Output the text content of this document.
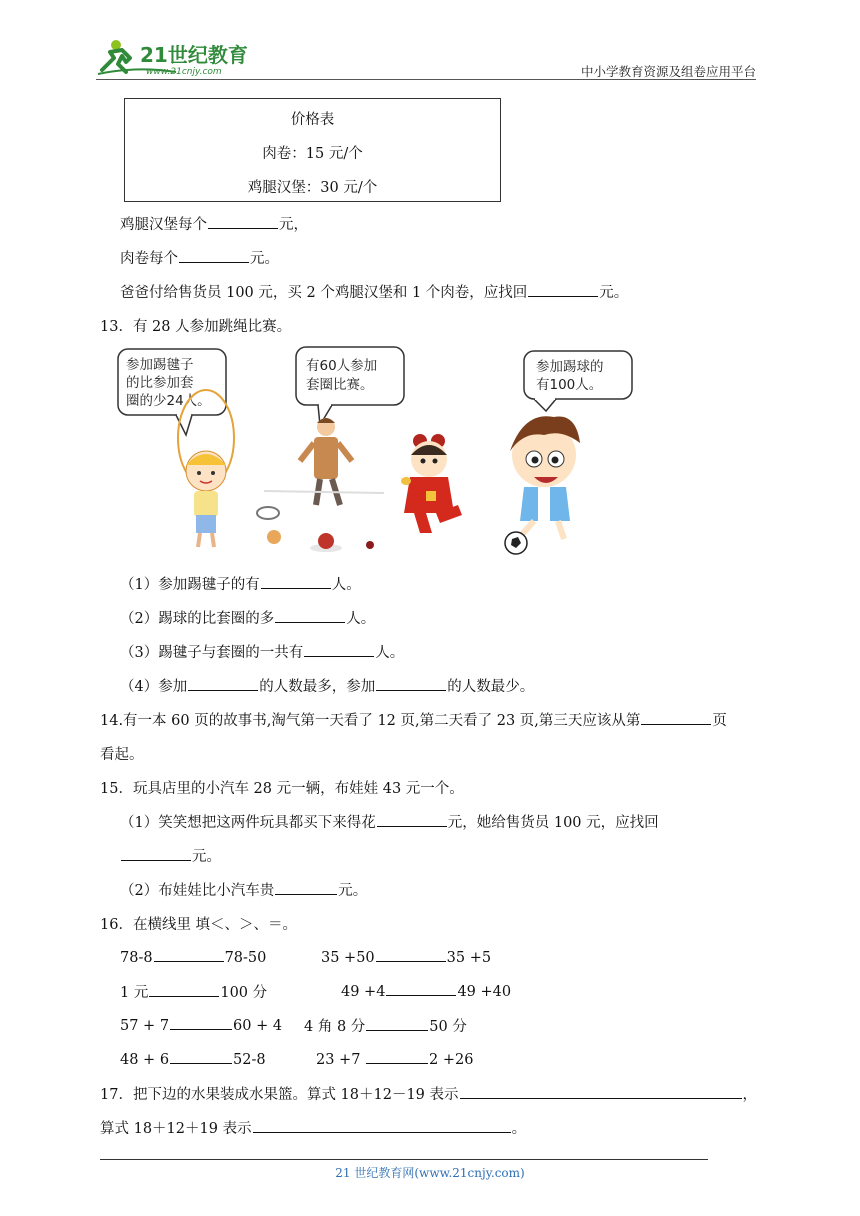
21世纪教育
www.21cnjy.com	中小学教育资源及组卷应用平台
价格表
肉卷：15 元/个
鸡腿汉堡：30 元/个
鸡腿汉堡每个	元，
肉卷每个	元。
爸爸付给售货员 100 元，买 2 个鸡腿汉堡和 1 个肉卷，应找回	元。
13．有 28 人参加跳绳比赛。
参加踢毽子
的比参加套
圈的少24人。
有60人参加
套圈比赛。
参加踢球的
有100人。
（1）参加踢毽子的有	人。
（2）踢球的比套圈的多	人。
（3）踢毽子与套圈的一共有	人。
（4）参加	的人数最多，参加	的人数最少。
14.有一本 60 页的故事书,淘气第一天看了 12 页,第二天看了 23 页,第三天应该从第	页
看起。
15．玩具店里的小汽车 28 元一辆，布娃娃 43 元一个。
（1）笑笑想把这两件玩具都买下来得花	元，她给售货员 100 元，应找回
元。
（2）布娃娃比小汽车贵	元。
16．在横线里 填＜、＞、＝。
78-8	78-50	35 +50	35 +5
1 元	100 分	49 +4	49 +40
57 + 7	60 + 4 4 角 8 分	50 分
48 + 6	52-8	23 +7	2 +26
17．把下边的水果装成水果篮。算式 18＋12－19 表示	，
算式 18＋12＋19 表示	。
21 世纪教育网(www.21cnjy.com)
